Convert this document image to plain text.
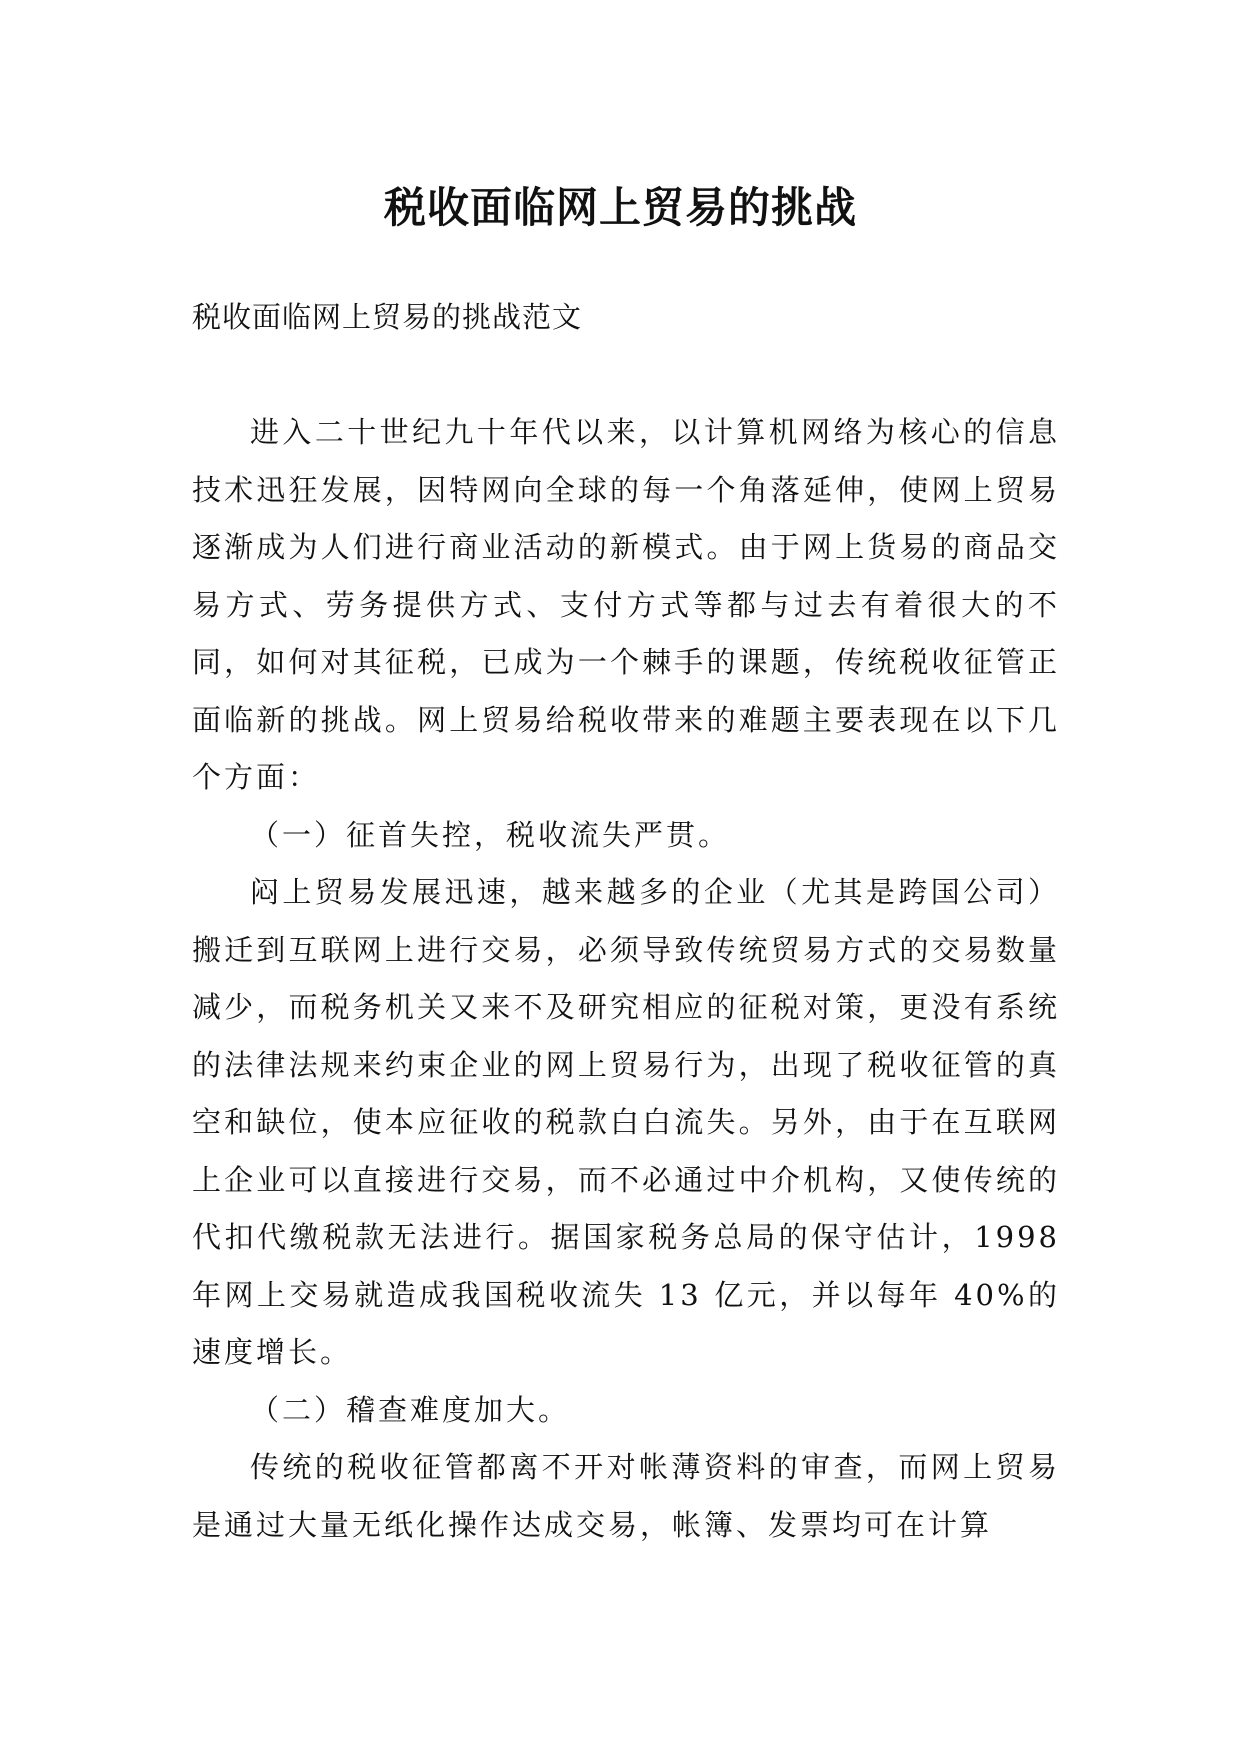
税收面临网上贸易的挑战
税收面临网上贸易的挑战范文

进入二十世纪九十年代以来，以计算机网络为核心的信息技术迅狂发展，因特网向全球的每一个角落延伸，使网上贸易逐渐成为人们进行商业活动的新模式。由于网上货易的商品交易方式、劳务提供方式、支付方式等都与过去有着很大的不同，如何对其征税，已成为一个棘手的课题，传统税收征管正面临新的挑战。网上贸易给税收带来的难题主要表现在以下几个方面：

（一）征首失控，税收流失严贯。

闷上贸易发展迅速，越来越多的企业（尤其是跨国公司）搬迁到互联网上进行交易，必须导致传统贸易方式的交易数量减少，而税务机关又来不及研究相应的征税对策，更没有系统的法律法规来约束企业的网上贸易行为，出现了税收征管的真空和缺位，使本应征收的税款白白流失。另外，由于在互联网上企业可以直接进行交易，而不必通过中介机构，又使传统的代扣代缴税款无法进行。据国家税务总局的保守估计，1998 年网上交易就造成我国税收流失 13 亿元，并以每年 40%的速度增长。

（二）稽查难度加大。

传统的税收征管都离不开对帐薄资料的审查，而网上贸易是通过大量无纸化操作达成交易，帐簿、发票均可在计算
